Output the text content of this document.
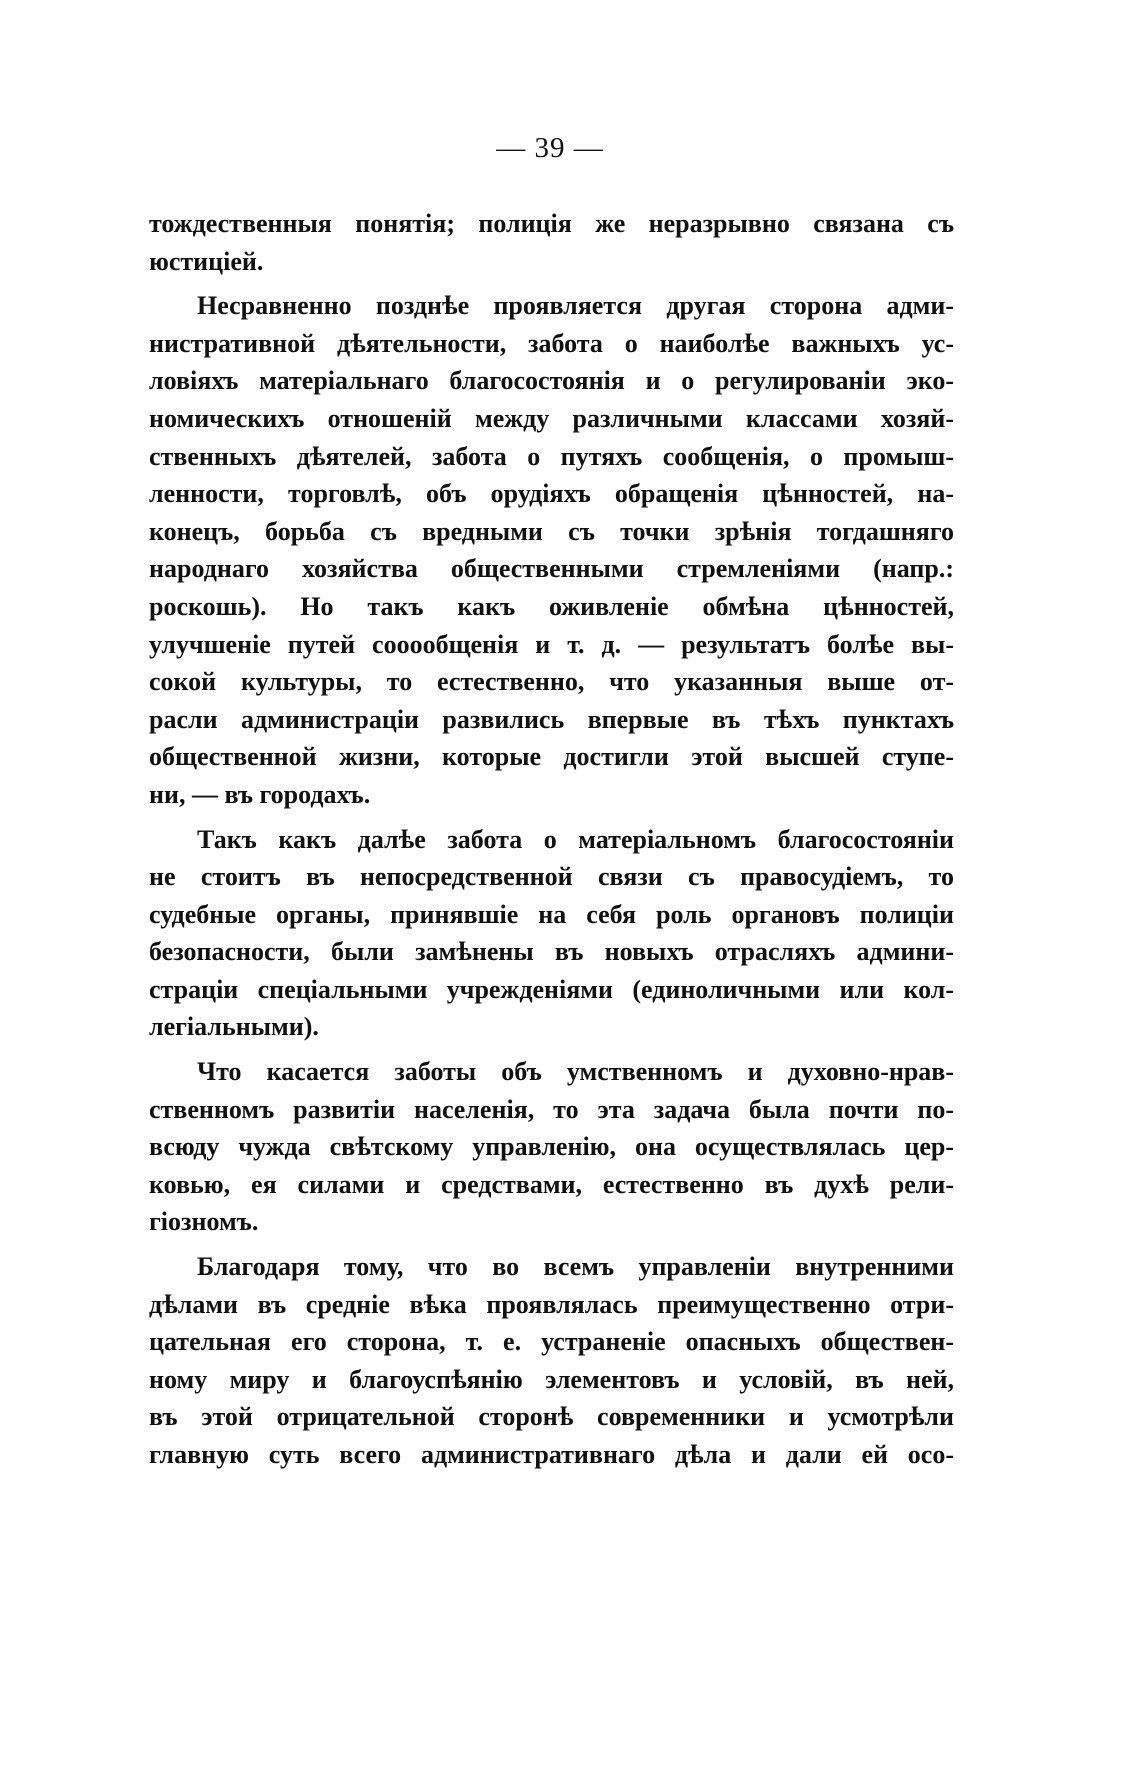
— 39 —
тождественныя понятія; полиція же неразрывно связана съ
юстиціей.
Несравненно позднѣе проявляется другая сторона адми-
нистративной дѣятельности, забота о наиболѣе важныхъ ус-
ловіяхъ матеріальнаго благосостоянія и о регулированіи эко-
номическихъ отношеній между различными классами хозяй-
ственныхъ дѣятелей, забота о путяхъ сообщенія, о промыш-
ленности, торговлѣ, объ орудіяхъ обращенія цѣнностей, на-
конецъ, борьба съ вредными съ точки зрѣнія тогдашняго
народнаго хозяйства общественными стремленіями (напр.:
роскошь). Но такъ какъ оживленіе обмѣна цѣнностей,
улучшеніе путей сооообщенія и т. д. — результатъ болѣе вы-
сокой культуры, то естественно, что указанныя выше от-
расли администраціи развились впервые въ тѣхъ пунктахъ
общественной жизни, которые достигли этой высшей ступе-
ни, — въ городахъ.
Такъ какъ далѣе забота о матеріальномъ благосостояніи
не стоитъ въ непосредственной связи съ правосудіемъ, то
судебные органы, принявшіе на себя роль органовъ полиціи
безопасности, были замѣнены въ новыхъ отрасляхъ админи-
страціи спеціальными учрежденіями (единоличными или кол-
легіальными).
Что касается заботы объ умственномъ и духовно-нрав-
ственномъ развитіи населенія, то эта задача была почти по-
всюду чужда свѣтскому управленію, она осуществлялась цер-
ковью, ея силами и средствами, естественно въ духѣ рели-
гіозномъ.
Благодаря тому, что во всемъ управленіи внутренними
дѣлами въ средніе вѣка проявлялась преимущественно отри-
цательная его сторона, т. е. устраненіе опасныхъ обществен-
ному миру и благоуспѣянію элементовъ и условій, въ ней,
въ этой отрицательной сторонѣ современники и усмотрѣли
главную суть всего административнаго дѣла и дали ей осо-
